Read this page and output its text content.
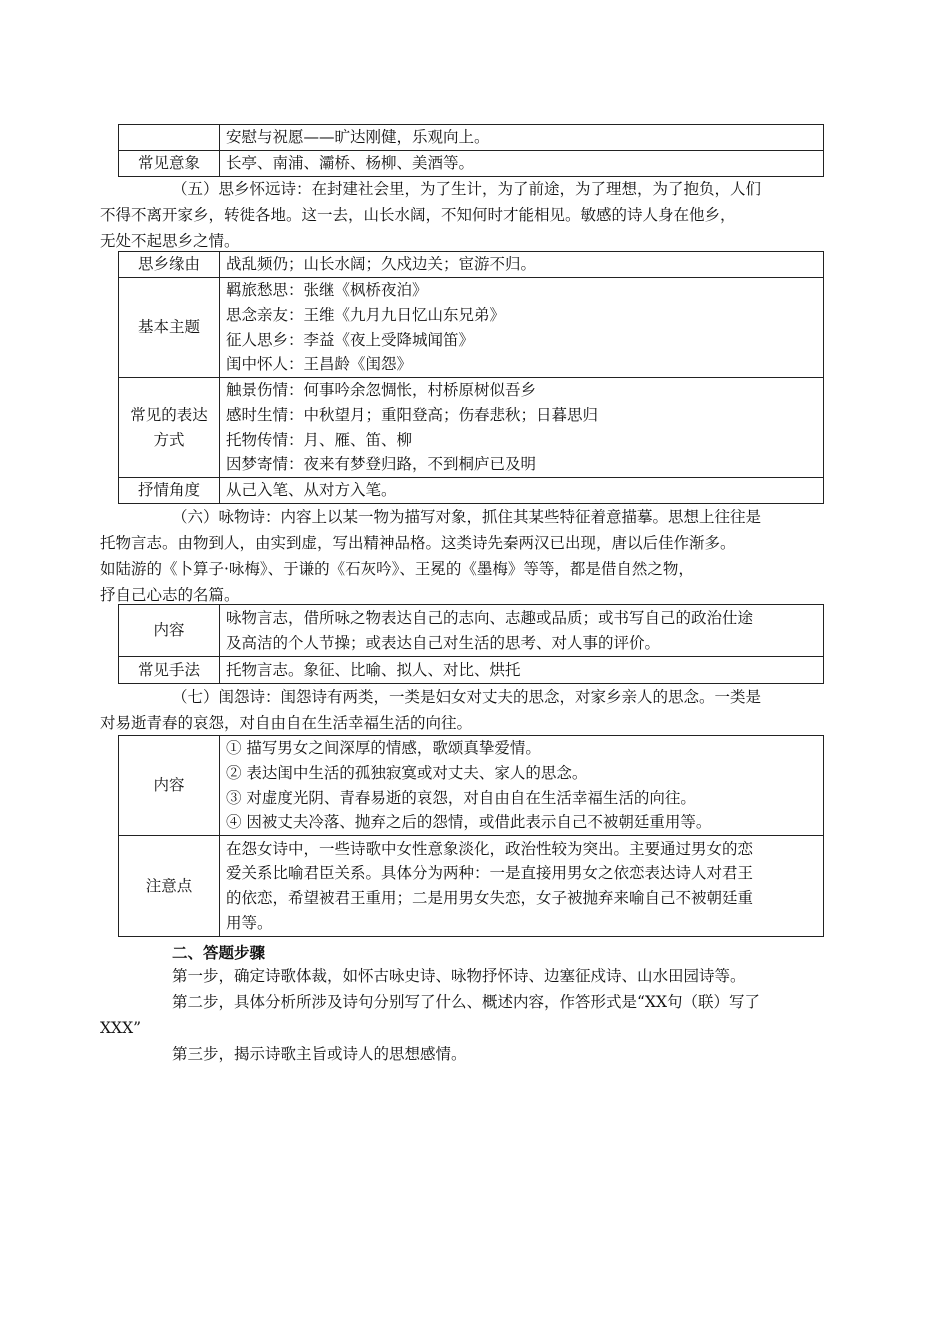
	安慰与祝愿——旷达刚健，乐观向上。

常见意象	长亭、南浦、灞桥、杨柳、美酒等。

（五）思乡怀远诗：在封建社会里，为了生计，为了前途，为了理想，为了抱负，人们

不得不离开家乡，转徙各地。这一去，山长水阔，不知何时才能相见。敏感的诗人身在他乡，

无处不起思乡之情。

思乡缘由	战乱频仍；山长水阔；久戍边关；宦游不归。

基本主题	羁旅愁思：张继《枫桥夜泊》
思念亲友：王维《九月九日忆山东兄弟》
征人思乡：李益《夜上受降城闻笛》
闺中怀人：王昌龄《闺怨》

常见的表达
方式	触景伤情：何事吟余忽惆怅，村桥原树似吾乡
感时生情：中秋望月；重阳登高；伤春悲秋；日暮思归
托物传情：月、雁、笛、柳
因梦寄情：夜来有梦登归路，不到桐庐已及明

抒情角度	从己入笔、从对方入笔。

（六）咏物诗：内容上以某一物为描写对象，抓住其某些特征着意描摹。思想上往往是

托物言志。由物到人，由实到虚，写出精神品格。这类诗先秦两汉已出现，唐以后佳作渐多。

如陆游的《卜算子·咏梅》、于谦的《石灰吟》、王冕的《墨梅》等等，都是借自然之物，

抒自己心志的名篇。

内容	咏物言志，借所咏之物表达自己的志向、志趣或品质；或书写自己的政治仕途
及高洁的个人节操；或表达自己对生活的思考、对人事的评价。

常见手法	托物言志。象征、比喻、拟人、对比、烘托

（七）闺怨诗：闺怨诗有两类，一类是妇女对丈夫的思念，对家乡亲人的思念。一类是

对易逝青春的哀怨，对自由自在生活幸福生活的向往。

内容	① 描写男女之间深厚的情感，歌颂真挚爱情。
② 表达闺中生活的孤独寂寞或对丈夫、家人的思念。
③ 对虚度光阴、青春易逝的哀怨，对自由自在生活幸福生活的向往。
④ 因被丈夫冷落、抛弃之后的怨情，或借此表示自己不被朝廷重用等。

注意点	在怨女诗中，一些诗歌中女性意象淡化，政治性较为突出。主要通过男女的恋
爱关系比喻君臣关系。具体分为两种：一是直接用男女之依恋表达诗人对君王
的依恋，希望被君王重用；二是用男女失恋，女子被抛弃来喻自己不被朝廷重
用等。
二、答题步骤

第一步，确定诗歌体裁，如怀古咏史诗、咏物抒怀诗、边塞征戍诗、山水田园诗等。

第二步，具体分析所涉及诗句分别写了什么、概述内容，作答形式是“XX句（联）写了

XXX”

第三步，揭示诗歌主旨或诗人的思想感情。
